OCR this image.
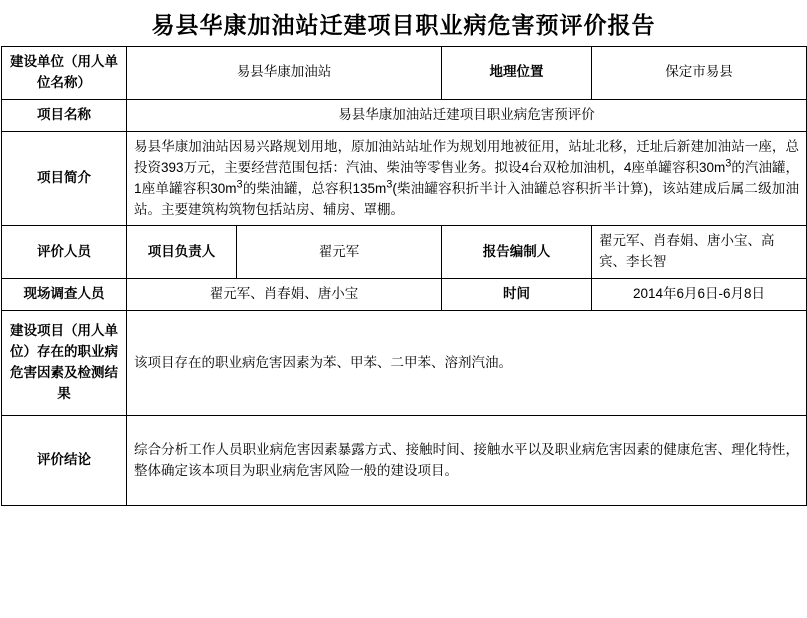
易县华康加油站迁建项目职业病危害预评价报告
建设单位（用人单位名称）	易县华康加油站		地理位置	保定市易县
项目名称	易县华康加油站迁建项目职业病危害预评价			
项目简介	易县华康加油站因易兴路规划用地，原加油站站址作为规划用地被征用，站址北移，迁址后新建加油站一座，总投资393万元，主要经营范围包括：汽油、柴油等零售业务。拟设4台双枪加油机，4座单罐容积$30m^3$的汽油罐，1座单罐容积$30m^3$的柴油罐，总容积$135m^3$(柴油罐容积折半计入油罐总容积折半计算)，该站建成后属二级加油站。主要建筑构筑物包括站房、辅房、罩棚。			
评价人员	项目负责人	翟元军	报告编制人	翟元军、肖春娟、唐小宝、高宾、李长智
现场调查人员	翟元军、肖春娟、唐小宝		时间	2014年6月6日-6月8日
建设项目（用人单位）存在的职业病危害因素及检测结果	该项目存在的职业病危害因素为苯、甲苯、二甲苯、溶剂汽油。			
评价结论	综合分析工作人员职业病危害因素暴露方式、接触时间、接触水平以及职业病危害因素的健康危害、理化特性，整体确定该本项目为职业病危害风险一般的建设项目。			
